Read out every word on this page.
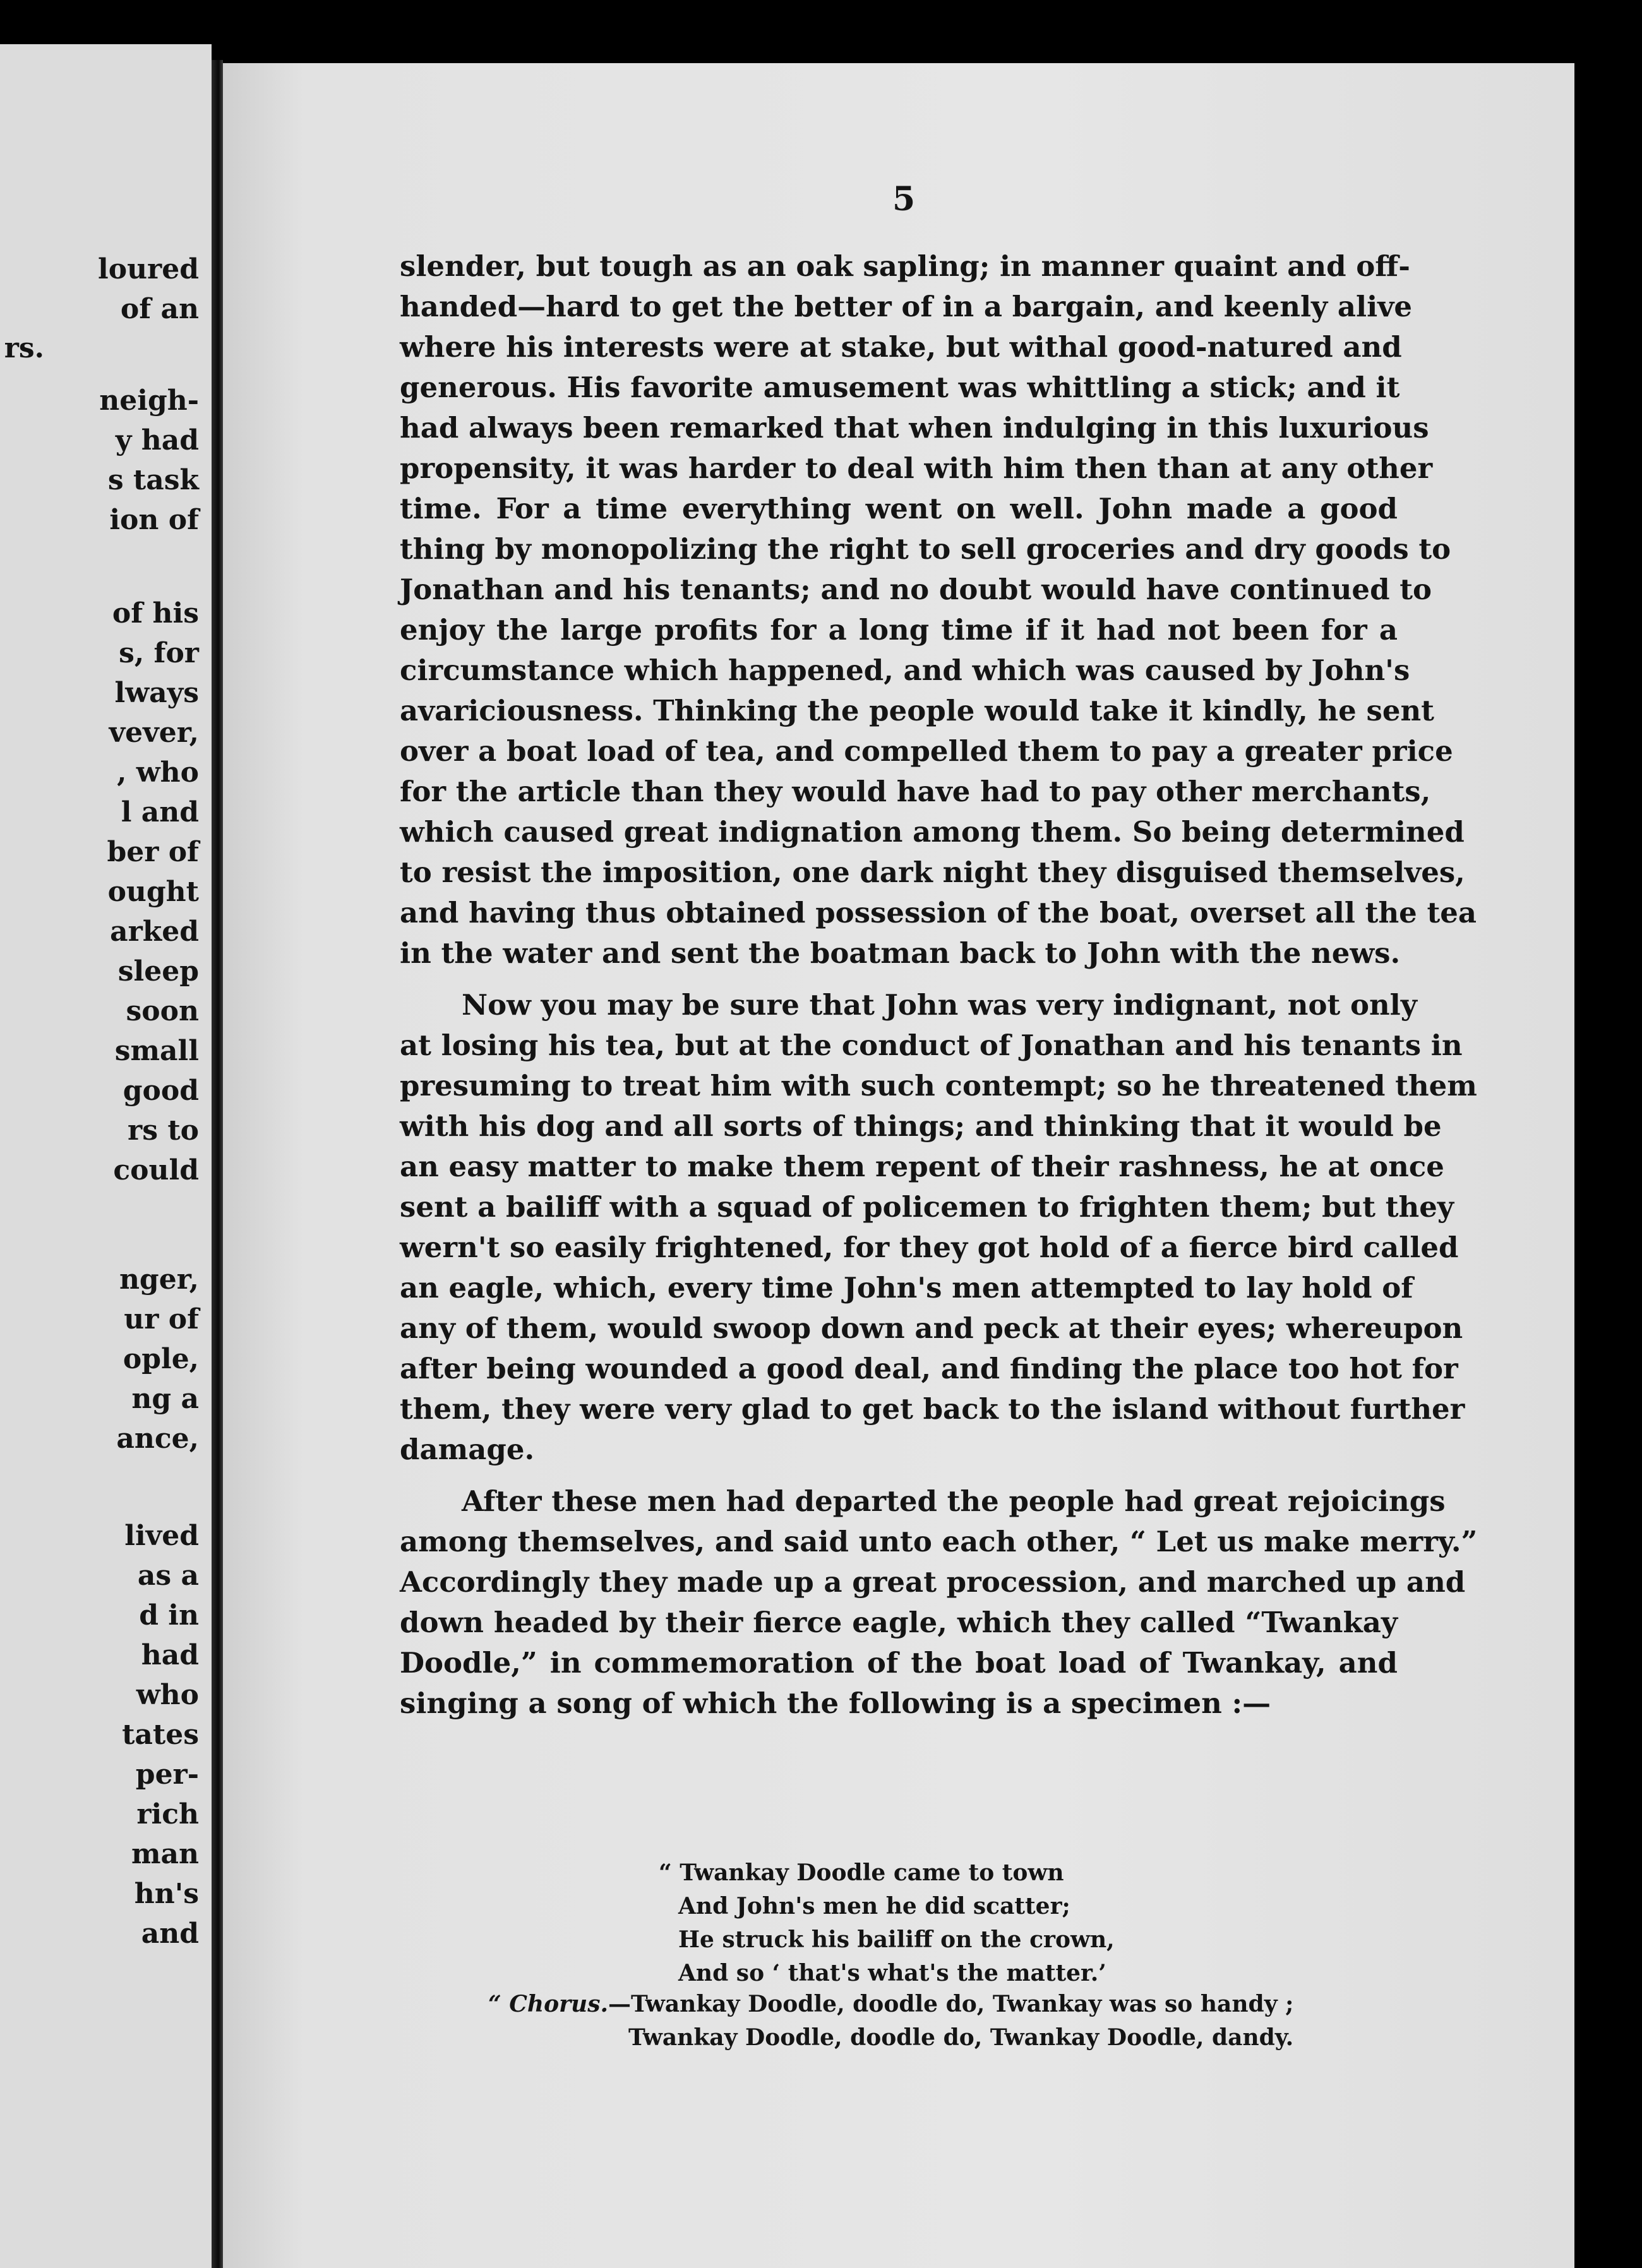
loured
of an
rs.
neigh-
y had
s task
ion of
of his
s, for
lways
vever,
, who
l and
ber of
ought
arked
sleep
soon
small
good
rs to
could
nger,
ur of
ople,
ng a
ance,
lived
as a
d in
had
who
tates
per-
rich
man
hn's
and
5
slender, but tough as an oak sapling; in manner quaint and off-
handed—hard to get the better of in a bargain, and keenly alive
where his interests were at stake, but withal good-natured and
generous. His favorite amusement was whittling a stick; and it
had always been remarked that when indulging in this luxurious
propensity, it was harder to deal with him then than at any other
time. For a time everything went on well. John made a good
thing by monopolizing the right to sell groceries and dry goods to
Jonathan and his tenants; and no doubt would have continued to
enjoy the large profits for a long time if it had not been for a
circumstance which happened, and which was caused by John's
avariciousness. Thinking the people would take it kindly, he sent
over a boat load of tea, and compelled them to pay a greater price
for the article than they would have had to pay other merchants,
which caused great indignation among them. So being determined
to resist the imposition, one dark night they disguised themselves,
and having thus obtained possession of the boat, overset all the tea
in the water and sent the boatman back to John with the news.
Now you may be sure that John was very indignant, not only
at losing his tea, but at the conduct of Jonathan and his tenants in
presuming to treat him with such contempt; so he threatened them
with his dog and all sorts of things; and thinking that it would be
an easy matter to make them repent of their rashness, he at once
sent a bailiff with a squad of policemen to frighten them; but they
wern't so easily frightened, for they got hold of a fierce bird called
an eagle, which, every time John's men attempted to lay hold of
any of them, would swoop down and peck at their eyes; whereupon
after being wounded a good deal, and finding the place too hot for
them, they were very glad to get back to the island without further
damage.
After these men had departed the people had great rejoicings
among themselves, and said unto each other, “ Let us make merry.”
Accordingly they made up a great procession, and marched up and
down headed by their fierce eagle, which they called “Twankay
Doodle,” in commemoration of the boat load of Twankay, and
singing a song of which the following is a specimen :—
“ Twankay Doodle came to town
And John's men he did scatter;
He struck his bailiff on the crown,
And so ‘ that's what's the matter.’
“ Chorus.—Twankay Doodle, doodle do, Twankay was so handy ;
Twankay Doodle, doodle do, Twankay Doodle, dandy.
